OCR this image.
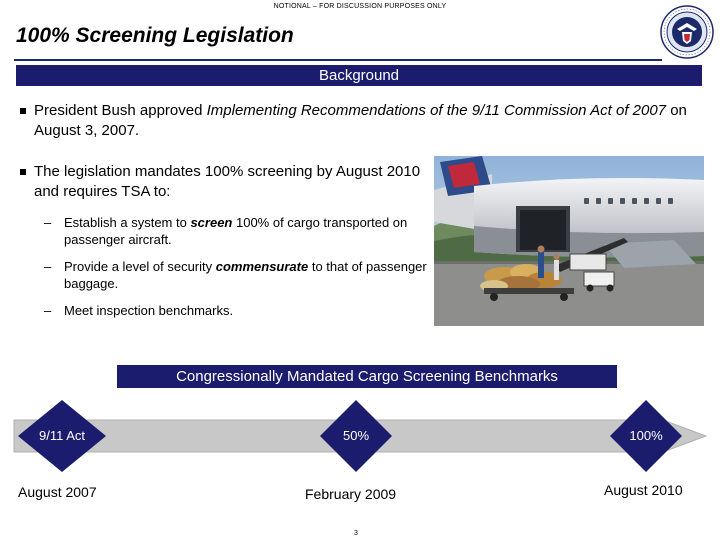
NOTIONAL – FOR DISCUSSION PURPOSES ONLY
100% Screening Legislation
Background
President Bush approved Implementing Recommendations of the 9/11 Commission Act of 2007 on August 3, 2007.
The legislation mandates 100% screening by August 2010 and requires TSA to:
– Establish a system to screen 100% of cargo transported on passenger aircraft.
– Provide a level of security commensurate to that of passenger baggage.
– Meet inspection benchmarks.
Congressionally Mandated Cargo Screening Benchmarks
9/11 Act	50%	100%
August 2007	February 2009	August 2010
3
